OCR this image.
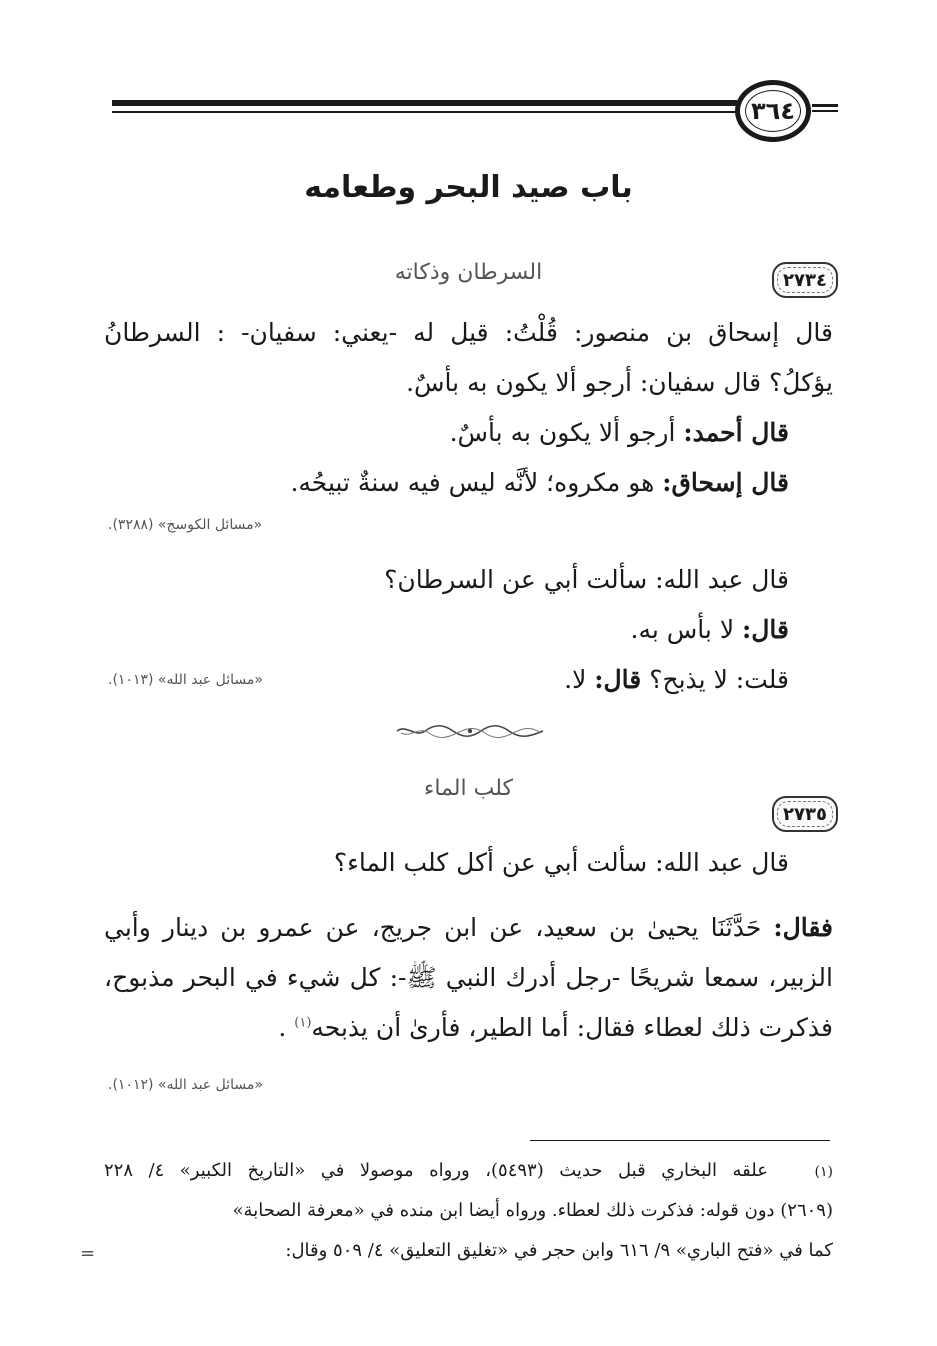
٣٦٤
باب صيد البحر وطعامه
٢٧٣٤
السرطان وذكاته
قال إسحاق بن منصور: قُلْتُ: قيل له -يعني: سفيان- : السرطانُ
يؤكلُ؟ قال سفيان: أرجو ألا يكون به بأسٌ.
قال أحمد: أرجو ألا يكون به بأسٌ.
قال إسحاق: هو مكروه؛ لأنَّه ليس فيه سنةٌ تبيحُه.
«مسائل الكوسج» (٣٢٨٨).
قال عبد الله: سألت أبي عن السرطان؟
قال: لا بأس به.
قلت: لا يذبح؟ قال: لا.
«مسائل عبد الله» (١٠١٣).
كلب الماء
٢٧٣٥
قال عبد الله: سألت أبي عن أكل كلب الماء؟
فقال: حَدَّثَنَا يحيىٰ بن سعيد، عن ابن جريج، عن عمرو بن دينار وأبي
الزبير، سمعا شريحًا -رجل أدرك النبي ﷺ-: كل شيء في البحر مذبوح،
فذكرت ذلك لعطاء فقال: أما الطير، فأرىٰ أن يذبحه$^{(١)}$ .
«مسائل عبد الله» (١٠١٢).
(١)   علقه البخاري قبل حديث (٥٤٩٣)، ورواه موصولا في «التاريخ الكبير» ٤/ ٢٢٨
(٢٦٠٩) دون قوله: فذكرت ذلك لعطاء. ورواه أيضا ابن منده في «معرفة الصحابة»
كما في «فتح الباري» ٩/ ٦١٦ وابن حجر في «تغليق التعليق» ٤/ ٥٠٩ وقال:
=
